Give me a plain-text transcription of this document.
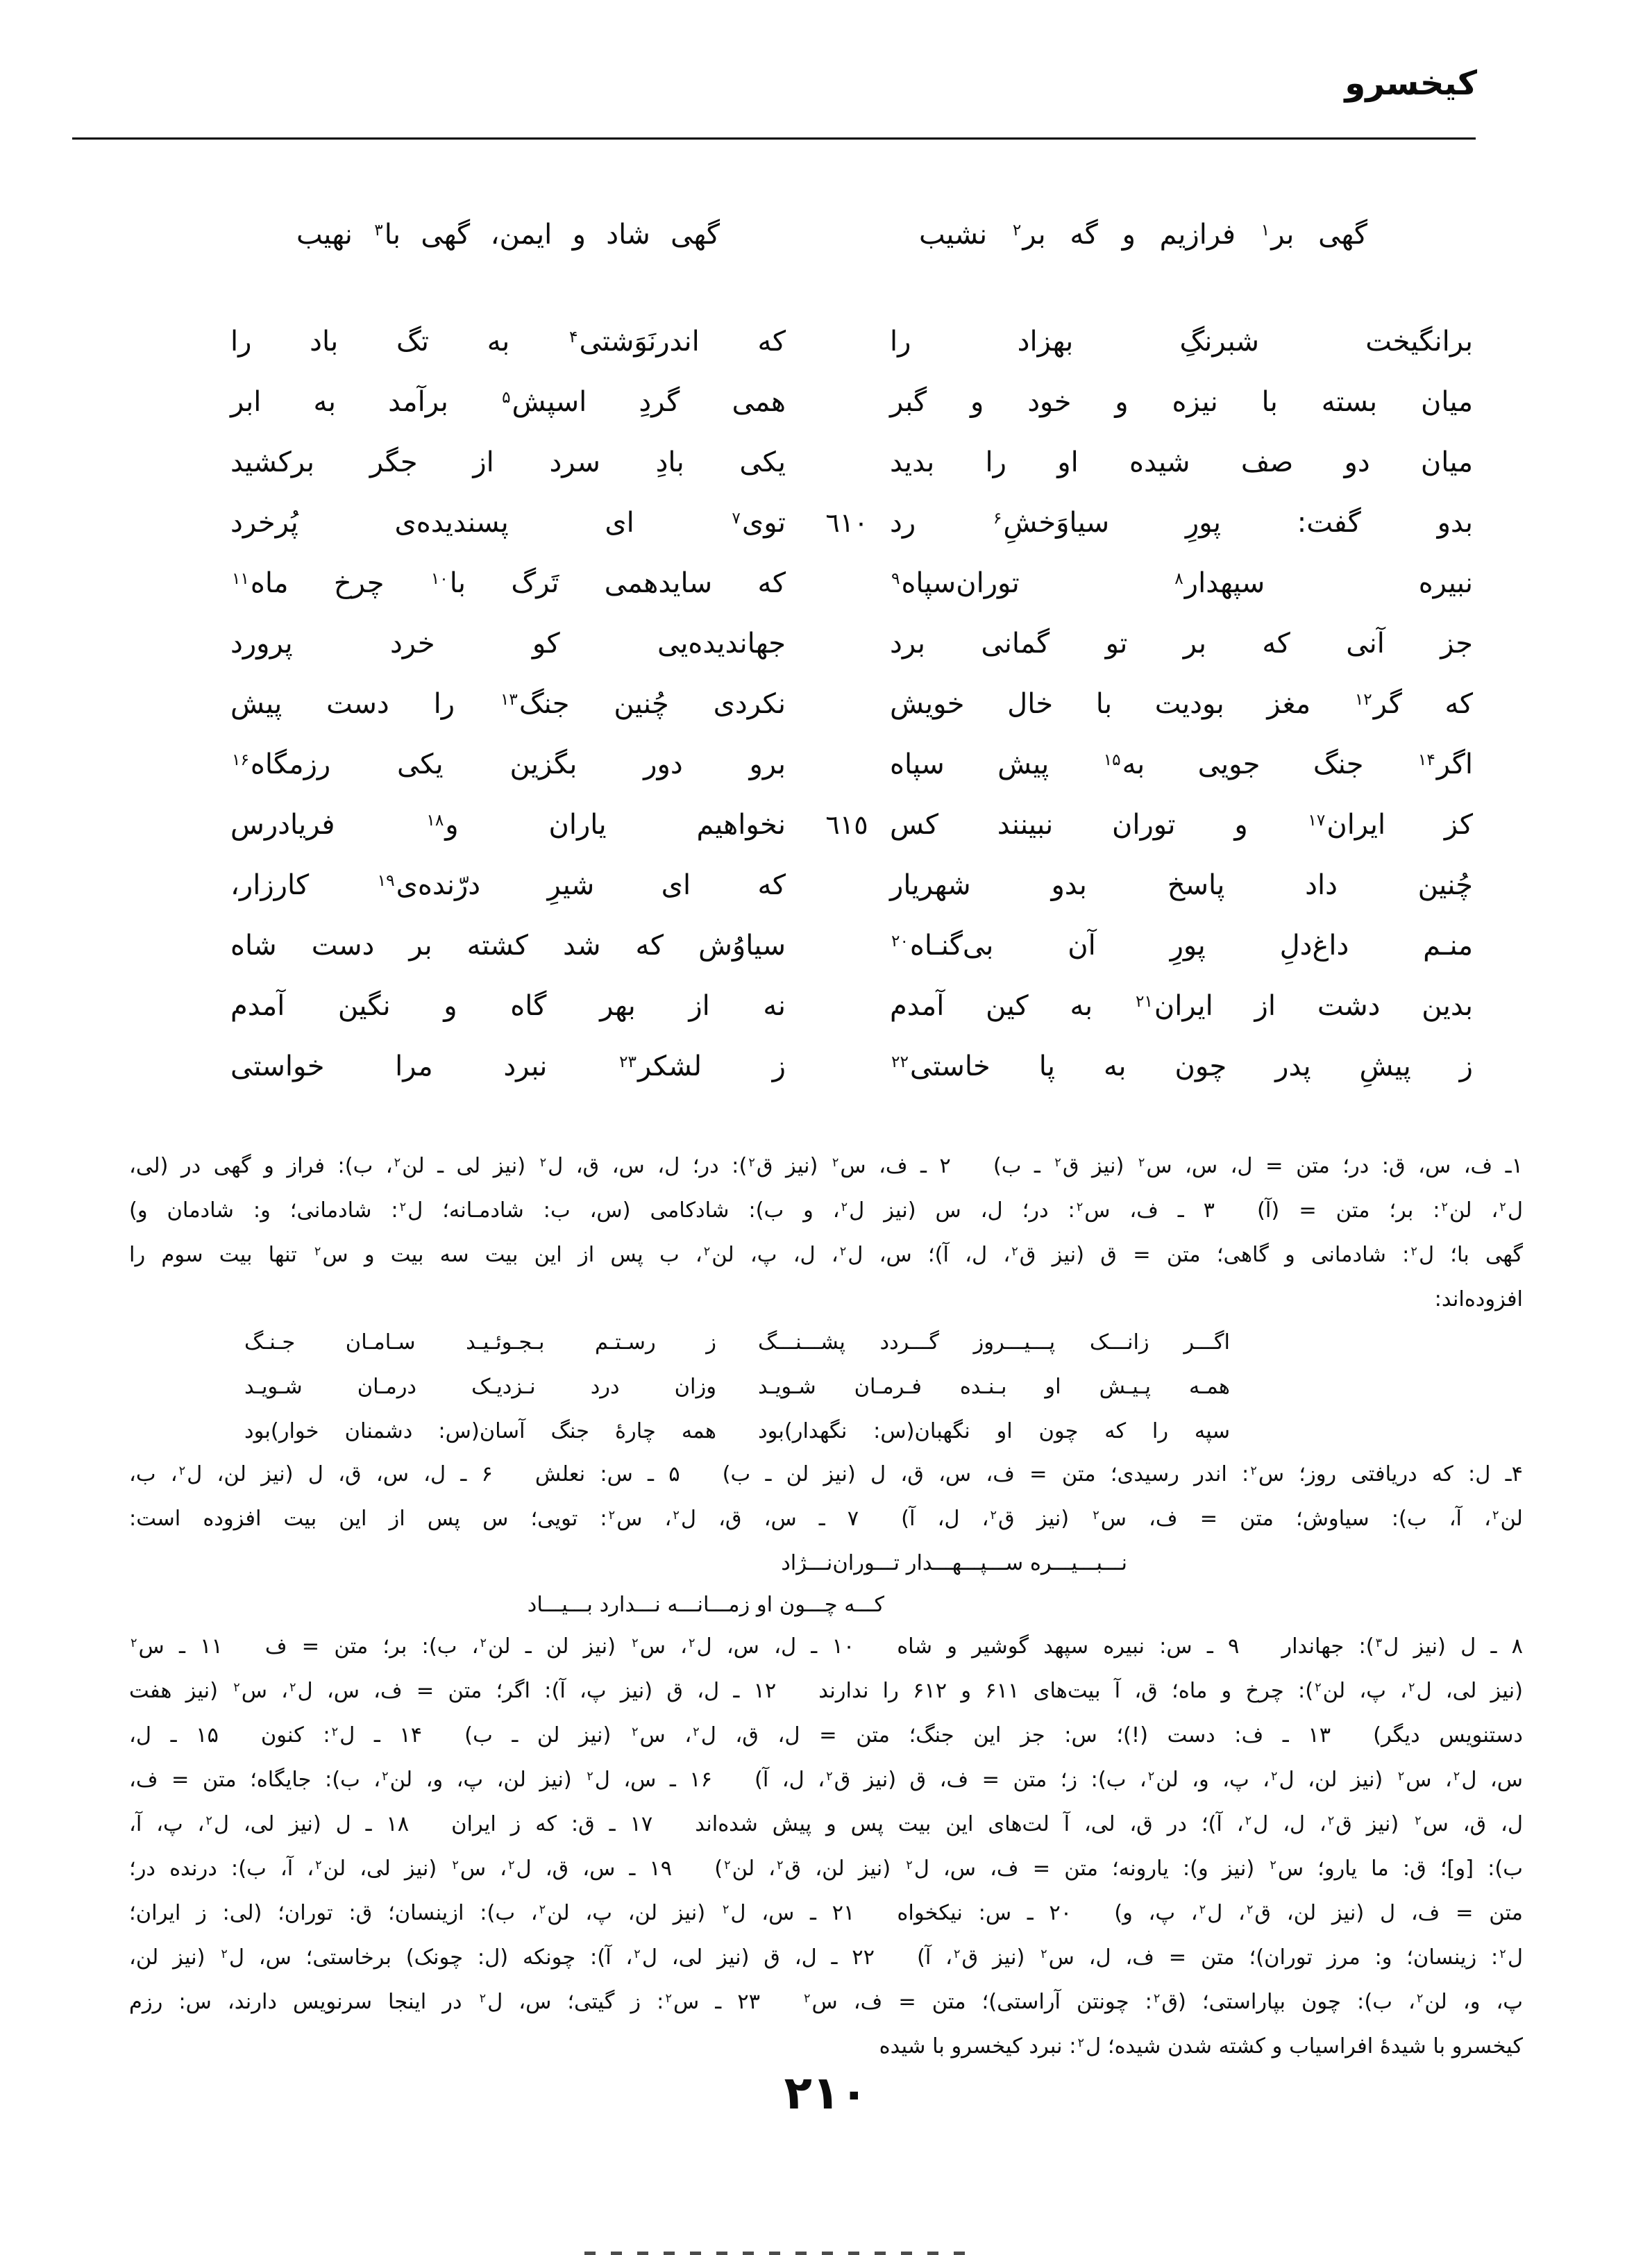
کیخسرو
گهی بر$^۱$ فرازیم و گه بر$^۲$ نشیب
گهی شاد و ایمن، گهی با$^۳$ نهیب
برانگیخت شبرنگِ بهزاد را
که اندرنَوَشتی$^۴$ به تگ باد را
میان بسته با نیزه و خود و گبر
همی گردِ اسپش$^۵$ برآمد به ابر
میان دو صف شیده او را بدید
یکی بادِ سرد از جگر برکشید
بدو گفت: پورِ سیاوَخشِ$^۶$ رد
٦١٠
توی$^۷$ ای پسندیده‌ی پُرخرد
نبیره سپهدار$^۸$ توران‌سپاه$^۹$
که سایدهمی تَرگ با$^{۱۰}$ چرخ ماه$^{۱۱}$
جز آنی که بر تو گمانی برد
جهاندیده‌یی کو خرد پرورد
که گر$^{۱۲}$ مغز بودیت با خال خویش
نکردی چُنین جنگ$^{۱۳}$ را دست پیش
اگر$^{۱۴}$ جنگ جویی به$^{۱۵}$ پیش سپاه
برو دور بگزین یکی رزمگاه$^{۱۶}$
کز ایران$^{۱۷}$ و توران نبینند کس
٦١٥
نخواهیم یاران و$^{۱۸}$ فریادرس
چُنین داد پاسخ بدو شهریار
که ای شیرِ درّنده‌ی$^{۱۹}$ کارزار،
منـم داغ‌دلِ پورِ آن بی‌گنـاه$^{۲۰}$
سیاوُش که شد کشته بر دست شاه
بدین دشت از ایران$^{۲۱}$ به کین آمدم
نه از بهر گاه و نگین آمدم
ز پیشِ پدر چون به پا خاستی$^{۲۲}$
ز لشکر$^{۲۳}$ نبرد مرا خواستی
۱ـ ف، س، ق: در؛ متن = ل، س، س$^۲$ (نیز ق$^۲$ ـ ب)  ۲ ـ ف، س$^۲$ (نیز ق$^۲$): در؛ ل، س، ق، ل$^۲$ (نیز لی ـ لن$^۲$، ب): فراز و گهی در (لی،
ل$^۲$، لن$^۲$: بر؛ متن = (آ)  ۳ ـ ف، س$^۲$: در؛ ل، س (نیز ل$^۲$، و ب): شادکامی (س، ب: شادمـانه؛ ل$^۲$: شادمانی؛ و: شادمان و)
گهی با؛ ل$^۲$: شادمانی و گاهی؛ متن = ق (نیز ق$^۲$، ل، آ)؛ س، ل$^۲$، ل، پ، لن$^۲$، ب پس از این بیت سه بیت و س$^۲$ تنها بیت سوم را
افزوده‌اند:
اگـــر زانـــک پـــیـــروز گـــردد پشـــنـــگ
ز رسـتـم بـجـوئـیـد سـامـان جـنـگ
همـه پـیـش او بـنـده فـرمـان شـویـد
وزان درد نـزدیـک درمـان شـویـد
سپه را که چون او نگهبان(س: نگهدار)بود
همه چارهٔ جنگ آسان(س: دشمنان خوار)بود
۴ـ ل: که دریافتی روز؛ س$^۲$: اندر رسیدی؛ متن = ف، س، ق، ل (نیز لن ـ ب)  ۵ ـ س: نعلش  ۶ ـ ل، س، ق، ل (نیز لن، ل$^۲$، ب،
لن$^۲$، آ، ب): سیاوش؛ متن = ف، س$^۲$ (نیز ق$^۲$، ل، آ)  ۷ ـ س، ق، ل$^۲$، س$^۲$: تویی؛ س پس از این بیت افزوده است:
نـــبـــیـــره ســـپـــهـــدار تـــوران‌نـــژاد
کـــه چـــون او زمـــانـــه نـــدارد بـــیـــاد
۸ ـ ل (نیز ل$^۳$): جهاندار  ۹ ـ س: نبیره سپهد گوشیر و شاه  ۱۰ ـ ل، س، ل$^۲$، س$^۲$ (نیز لن ـ لن$^۲$، ب): بر؛ متن = ف  ۱۱ ـ س$^۲$
(نیز لی، ل$^۲$، پ، لن$^۲$): چرخ و ماه؛ ق، آ بیت‌های ۶۱۱ و ۶۱۲ را ندارند  ۱۲ ـ ل، ق (نیز پ، آ): اگر؛ متن = ف، س، ل$^۲$، س$^۲$ (نیز هفت
دستنویس دیگر)  ۱۳ ـ ف: دست (!)؛ س: جز این جنگ؛ متن = ل، ق، ل$^۲$، س$^۲$ (نیز لن ـ ب)  ۱۴ ـ ل$^۲$: کنون  ۱۵ ـ ل،
س، ل$^۲$، س$^۲$ (نیز لن، ل$^۲$، پ، و، لن$^۲$، ب): ز؛ متن = ف، ق (نیز ق$^۲$، ل، آ)  ۱۶ ـ س، ل$^۲$ (نیز لن، پ، و، لن$^۲$، ب): جایگاه؛ متن = ف،
ل، ق، س$^۲$ (نیز ق$^۲$، ل، ل$^۲$، آ)؛ در ق، لی، آ لت‌های این بیت پس و پیش شده‌اند  ۱۷ ـ ق: که ز ایران  ۱۸ ـ ل (نیز لی، ل$^۲$، پ، آ،
ب): [و]؛ ق: ما یارو؛ س$^۲$ (نیز و): یارونه؛ متن = ف، س، ل$^۲$ (نیز لن، ق$^۲$، لن$^۲$)  ۱۹ ـ س، ق، ل$^۲$، س$^۲$ (نیز لی، لن$^۲$، آ، ب): درنده در؛
متن = ف، ل (نیز لن، ق$^۲$، ل$^۲$، پ، و)  ۲۰ ـ س: نیکخواه  ۲۱ ـ س، ل$^۲$ (نیز لن، پ، لن$^۲$، ب): ازینسان؛ ق: توران؛ (لی: ز ایران؛
ل$^۲$: زینسان؛ و: مرز توران)؛ متن = ف، ل، س$^۲$ (نیز ق$^۲$، آ)  ۲۲ ـ ل، ق (نیز لی، ل$^۲$، آ): چونکه (ل: چونک) برخاستی؛ س، ل$^۲$ (نیز لن،
پ، و، لن$^۲$، ب): چون بپاراستی؛ (ق$^۲$: چونتن آراستی)؛ متن = ف، س$^۲$  ۲۳ ـ س$^۲$: ز گیتی؛ س، ل$^۲$ در اینجا سرنویس دارند، س: رزم
کیخسرو با شیدهٔ افراسیاب و کشته شدن شیده؛ ل$^۲$: نبرد کیخسرو با شیده
۲۱۰
